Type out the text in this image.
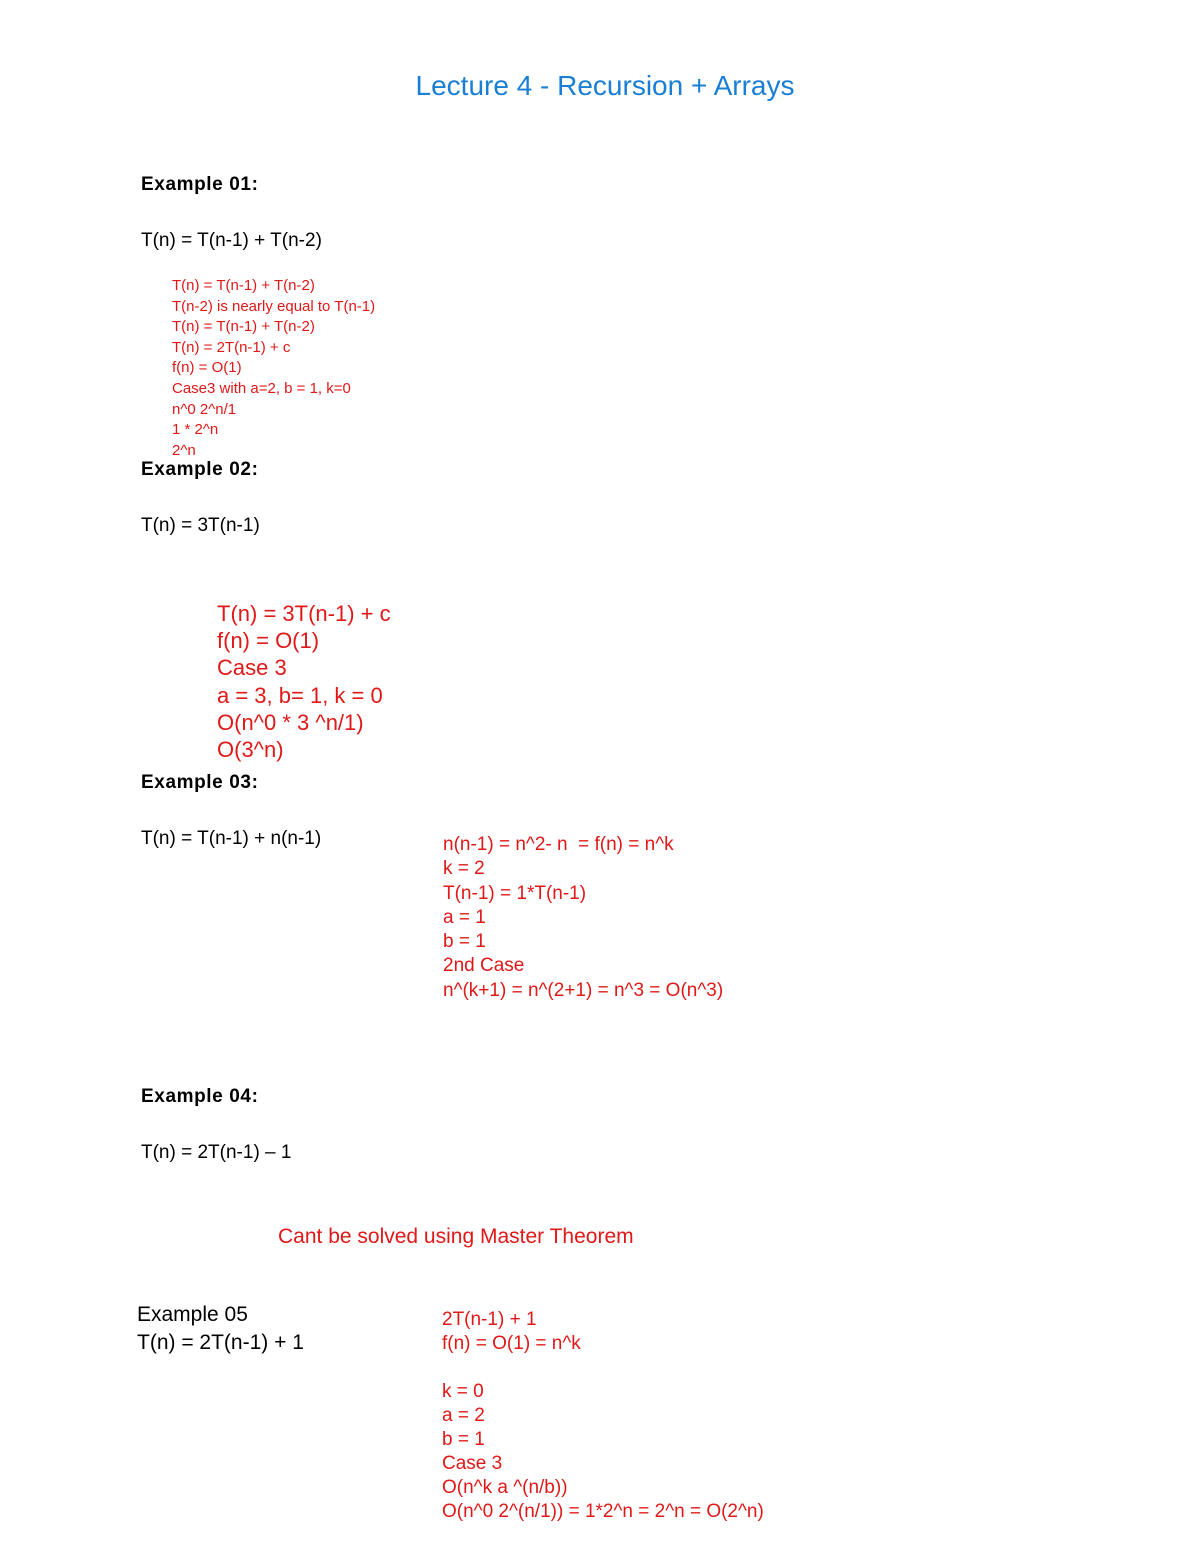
Lecture 4 - Recursion + Arrays
Example 01:
T(n) = T(n-1) + T(n-2)
T(n) = T(n-1) + T(n-2)
T(n-2) is nearly equal to T(n-1)
T(n) = T(n-1) + T(n-2)
T(n) = 2T(n-1) + c
f(n) = O(1)
Case3 with a=2, b = 1, k=0
n^0 2^n/1
1 * 2^n
2^n
Example 02:
T(n) = 3T(n-1)
T(n) = 3T(n-1) + c
f(n) = O(1)
Case 3
a = 3, b= 1, k = 0
O(n^0 * 3 ^n/1)
O(3^n)
Example 03:
T(n) = T(n-1) + n(n-1)	n(n-1) = n^2- n  = f(n) = n^k
k = 2
T(n-1) = 1*T(n-1)
a = 1
b = 1
2nd Case
n^(k+1) = n^(2+1) = n^3 = O(n^3)
Example 04:
T(n) = 2T(n-1) – 1
Cant be solved using Master Theorem
Example 05
T(n) = 2T(n-1) + 1
2T(n-1) + 1
f(n) = O(1) = n^k

k = 0
a = 2
b = 1
Case 3
O(n^k a ^(n/b))
O(n^0 2^(n/1)) = 1*2^n = 2^n = O(2^n)
